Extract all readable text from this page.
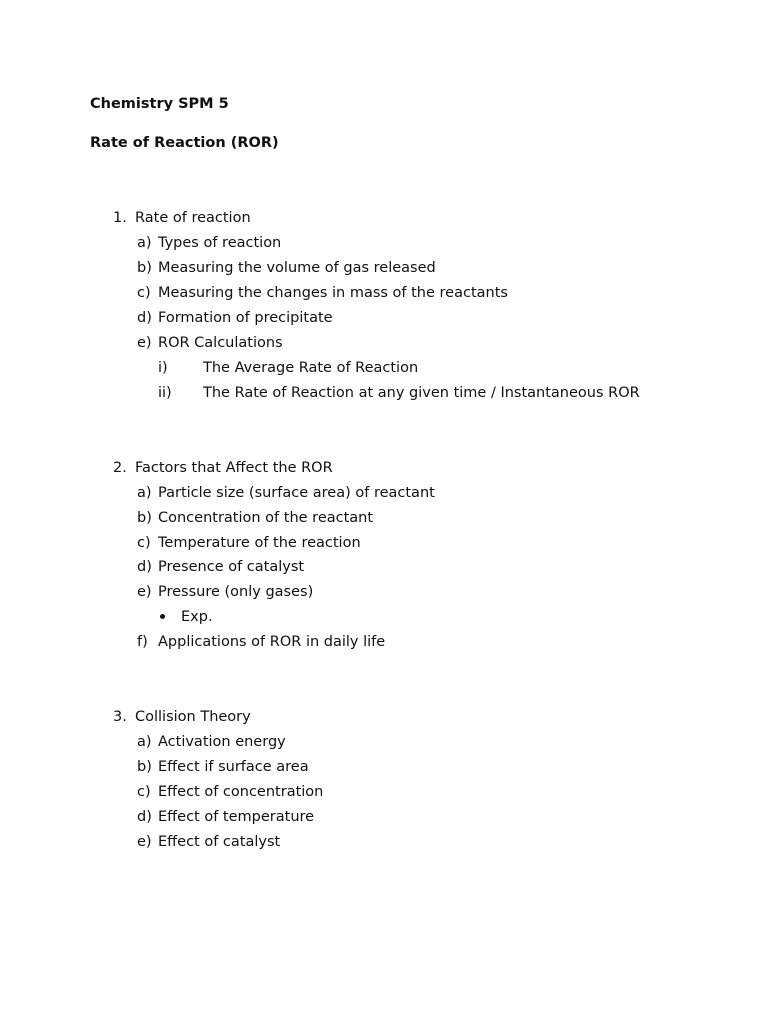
Chemistry SPM 5
Rate of Reaction (ROR)
1. Rate of reaction
a) Types of reaction
b) Measuring the volume of gas released
c) Measuring the changes in mass of the reactants
d) Formation of precipitate
e) ROR Calculations
i) The Average Rate of Reaction
ii) The Rate of Reaction at any given time / Instantaneous ROR
2. Factors that Affect the ROR
a) Particle size (surface area) of reactant
b) Concentration of the reactant
c) Temperature of the reaction
d) Presence of catalyst
e) Pressure (only gases)
Exp.
f) Applications of ROR in daily life
3. Collision Theory
a) Activation energy
b) Effect if surface area
c) Effect of concentration
d) Effect of temperature
e) Effect of catalyst
